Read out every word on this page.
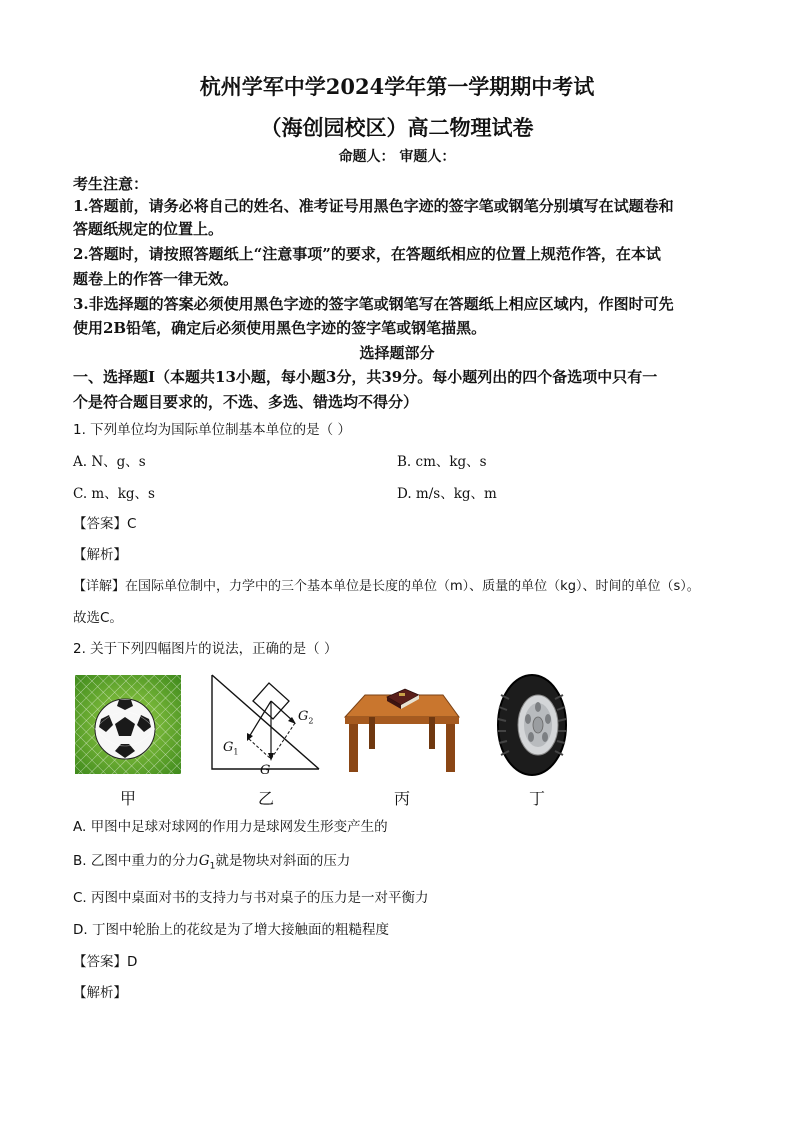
杭州学军中学2024学年第一学期期中考试
（海创园校区）高二物理试卷
命题人： 审题人：
考生注意：
1.答题前，请务必将自己的姓名、准考证号用黑色字迹的签字笔或钢笔分别填写在试题卷和
答题纸规定的位置上。
2.答题时，请按照答题纸上“注意事项”的要求，在答题纸相应的位置上规范作答，在本试
题卷上的作答一律无效。
3.非选择题的答案必须使用黑色字迹的签字笔或钢笔写在答题纸上相应区域内，作图时可先
使用2B铅笔，确定后必须使用黑色字迹的签字笔或钢笔描黑。
选择题部分
一、选择题Ⅰ（本题共13小题，每小题3分，共39分。每小题列出的四个备选项中只有一
个是符合题目要求的，不选、多选、错选均不得分）
1. 下列单位均为国际单位制基本单位的是（ ）
A. N、g、s	B. cm、kg、s
C. m、kg、s	D. m/s、kg、m
【答案】C
【解析】
【详解】在国际单位制中，力学中的三个基本单位是长度的单位（m）、质量的单位（kg）、时间的单位（s）。
故选C。
2. 关于下列四幅图片的说法，正确的是（ ）
甲
$G_2$
$G_1$
G
乙	丙	丁
A. 甲图中足球对球网的作用力是球网发生形变产生的
B. 乙图中重力的分力$G_1$就是物块对斜面的压力
C. 丙图中桌面对书的支持力与书对桌子的压力是一对平衡力
D. 丁图中轮胎上的花纹是为了增大接触面的粗糙程度
【答案】D
【解析】
